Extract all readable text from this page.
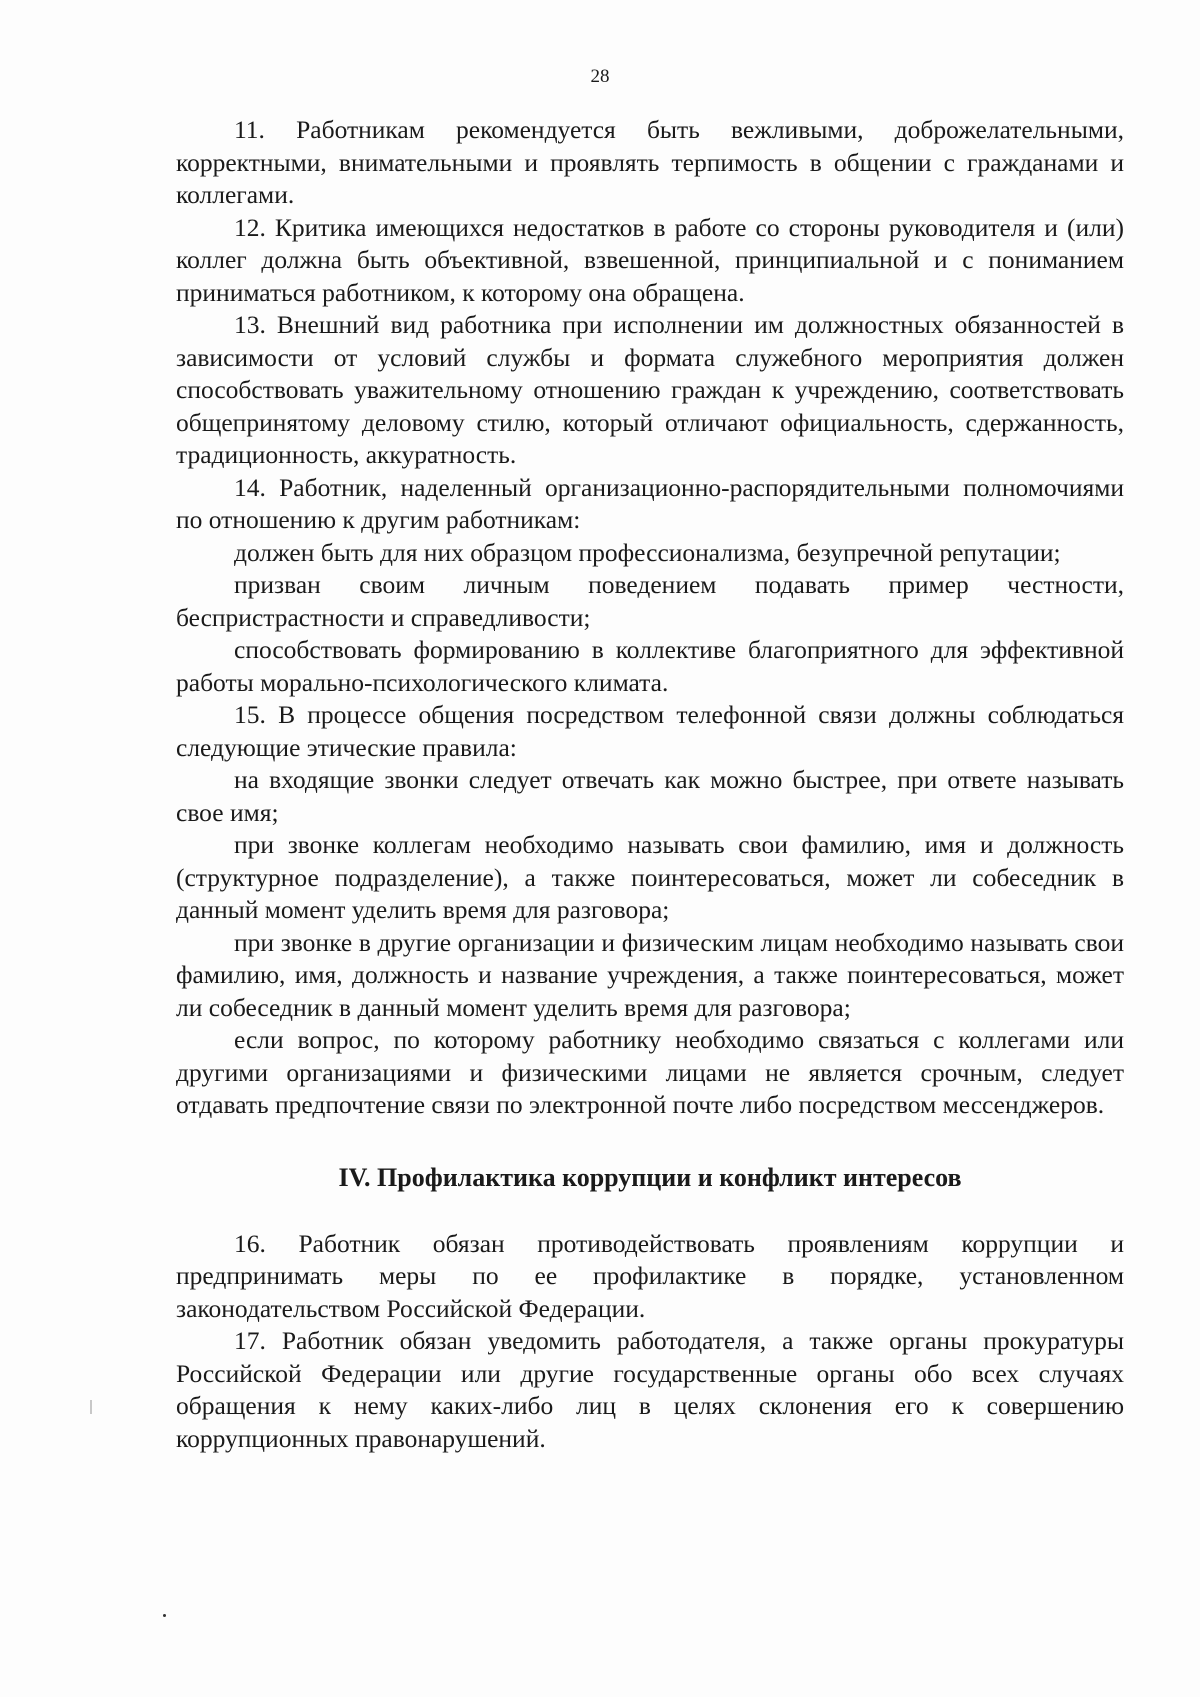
28

11. Работникам рекомендуется быть вежливыми, доброжелательными, корректными, внимательными и проявлять терпимость в общении с гражданами и коллегами.

12. Критика имеющихся недостатков в работе со стороны руководителя и (или) коллег должна быть объективной, взвешенной, принципиальной и с пониманием приниматься работником, к которому она обращена.

13. Внешний вид работника при исполнении им должностных обязанностей в зависимости от условий службы и формата служебного мероприятия должен способствовать уважительному отношению граждан к учреждению, соответствовать общепринятому деловому стилю, который отличают официальность, сдержанность, традиционность, аккуратность.

14. Работник, наделенный организационно-распорядительными полномочиями по отношению к другим работникам:

должен быть для них образцом профессионализма, безупречной репутации;

призван своим личным поведением подавать пример честности, беспристрастности и справедливости;

способствовать формированию в коллективе благоприятного для эффективной работы морально-психологического климата.

15. В процессе общения посредством телефонной связи должны соблюдаться следующие этические правила:

на входящие звонки следует отвечать как можно быстрее, при ответе называть свое имя;

при звонке коллегам необходимо называть свои фамилию, имя и должность (структурное подразделение), а также поинтересоваться, может ли собеседник в данный момент уделить время для разговора;

при звонке в другие организации и физическим лицам необходимо называть свои фамилию, имя, должность и название учреждения, а также поинтересоваться, может ли собеседник в данный момент уделить время для разговора;

если вопрос, по которому работнику необходимо связаться с коллегами или другими организациями и физическими лицами не является срочным, следует отдавать предпочтение связи по электронной почте либо посредством мессенджеров.

IV. Профилактика коррупции и конфликт интересов

16. Работник обязан противодействовать проявлениям коррупции и предпринимать меры по ее профилактике в порядке, установленном законодательством Российской Федерации.

17. Работник обязан уведомить работодателя, а также органы прокуратуры Российской Федерации или другие государственные органы обо всех случаях обращения к нему каких-либо лиц в целях склонения его к совершению коррупционных правонарушений.
